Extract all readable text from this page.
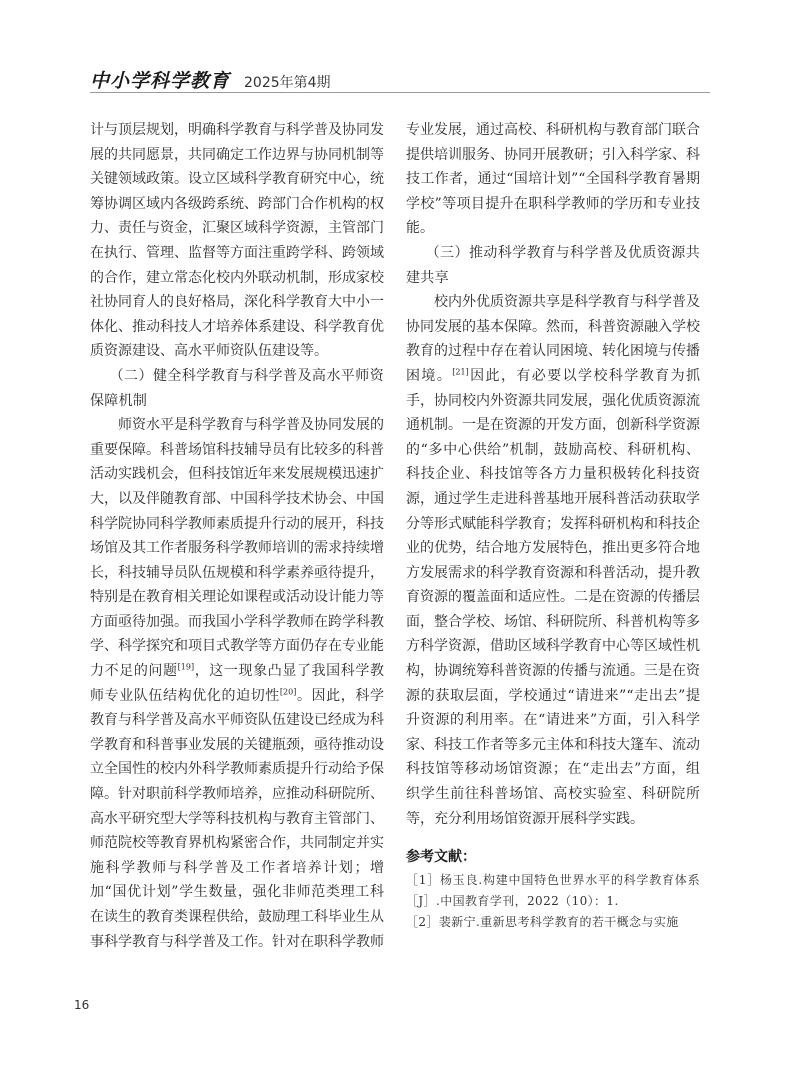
中小学科学教育 2025年第4期

计与顶层规划，明确科学教育与科学普及协同发展的共同愿景，共同确定工作边界与协同机制等关键领域政策。设立区域科学教育研究中心，统筹协调区域内各级跨系统、跨部门合作机构的权力、责任与资金，汇聚区域科学资源，主管部门在执行、管理、监督等方面注重跨学科、跨领域的合作，建立常态化校内外联动机制，形成家校社协同育人的良好格局，深化科学教育大中小一体化、推动科技人才培养体系建设、科学教育优质资源建设、高水平师资队伍建设等。

（二）健全科学教育与科学普及高水平师资保障机制

师资水平是科学教育与科学普及协同发展的重要保障。科普场馆科技辅导员有比较多的科普活动实践机会，但科技馆近年来发展规模迅速扩大，以及伴随教育部、中国科学技术协会、中国科学院协同科学教师素质提升行动的展开，科技场馆及其工作者服务科学教师培训的需求持续增长，科技辅导员队伍规模和科学素养亟待提升，特别是在教育相关理论如课程或活动设计能力等方面亟待加强。而我国小学科学教师在跨学科教学、科学探究和项目式教学等方面仍存在专业能力不足的问题[19]，这一现象凸显了我国科学教师专业队伍结构优化的迫切性[20]。因此，科学教育与科学普及高水平师资队伍建设已经成为科学教育和科普事业发展的关键瓶颈，亟待推动设立全国性的校内外科学教师素质提升行动给予保障。针对职前科学教师培养，应推动科研院所、高水平研究型大学等科技机构与教育主管部门、师范院校等教育界机构紧密合作，共同制定并实施科学教师与科学普及工作者培养计划；增加“国优计划”学生数量，强化非师范类理工科在读生的教育类课程供给，鼓励理工科毕业生从事科学教育与科学普及工作。针对在职科学教师

专业发展，通过高校、科研机构与教育部门联合提供培训服务、协同开展教研；引入科学家、科技工作者，通过“国培计划”“全国科学教育暑期学校”等项目提升在职科学教师的学历和专业技能。

（三）推动科学教育与科学普及优质资源共建共享

校内外优质资源共享是科学教育与科学普及协同发展的基本保障。然而，科普资源融入学校教育的过程中存在着认同困境、转化困境与传播困境。[21]因此，有必要以学校科学教育为抓手，协同校内外资源共同发展，强化优质资源流通机制。一是在资源的开发方面，创新科学资源的“多中心供给”机制，鼓励高校、科研机构、科技企业、科技馆等各方力量积极转化科技资源，通过学生走进科普基地开展科普活动获取学分等形式赋能科学教育；发挥科研机构和科技企业的优势，结合地方发展特色，推出更多符合地方发展需求的科学教育资源和科普活动，提升教育资源的覆盖面和适应性。二是在资源的传播层面，整合学校、场馆、科研院所、科普机构等多方科学资源，借助区域科学教育中心等区域性机构，协调统筹科普资源的传播与流通。三是在资源的获取层面，学校通过“请进来”“走出去”提升资源的利用率。在“请进来”方面，引入科学家、科技工作者等多元主体和科技大篷车、流动科技馆等移动场馆资源；在“走出去”方面，组织学生前往科普场馆、高校实验室、科研院所等，充分利用场馆资源开展科学实践。

参考文献：
［1］杨玉良.构建中国特色世界水平的科学教育体系［J］.中国教育学刊，2022（10）：1.
［2］裴新宁.重新思考科学教育的若干概念与实施
16
